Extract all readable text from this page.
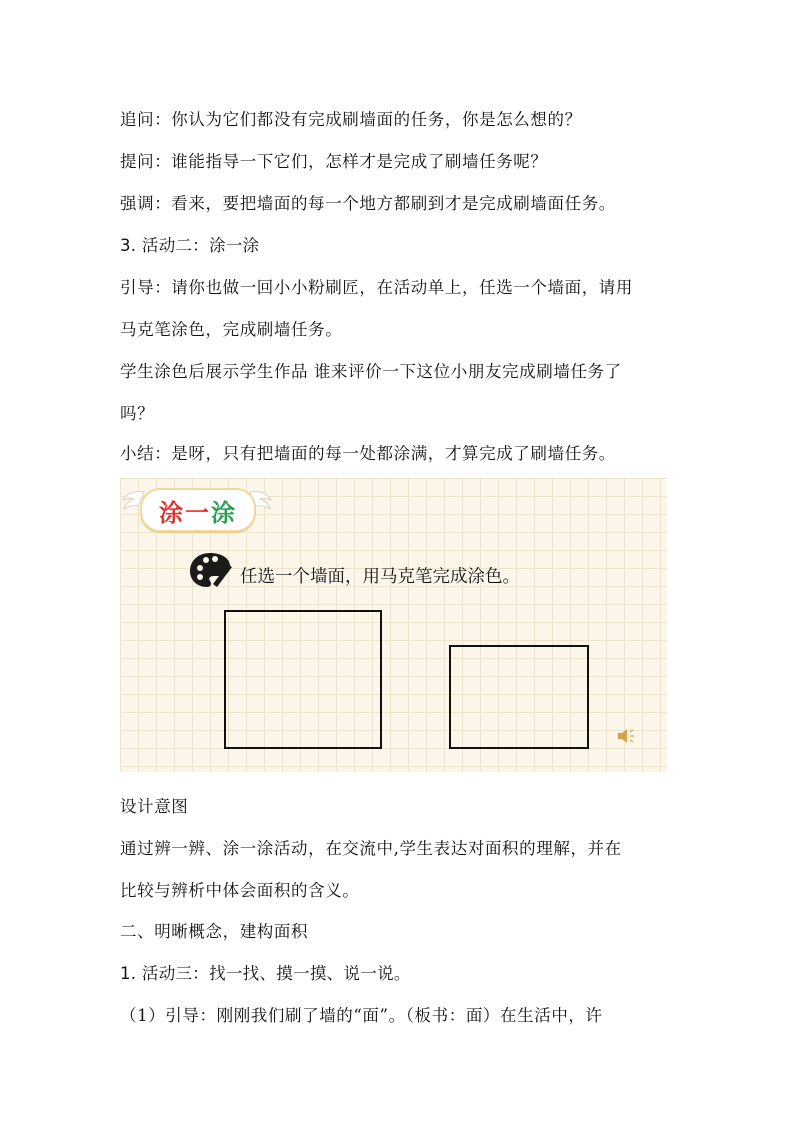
追问：你认为它们都没有完成刷墙面的任务，你是怎么想的？
提问：谁能指导一下它们，怎样才是完成了刷墙任务呢？
强调：看来，要把墙面的每一个地方都刷到才是完成刷墙面任务。
3. 活动二：涂一涂
引导：请你也做一回小小粉刷匠，在活动单上，任选一个墙面，请用
马克笔涂色，完成刷墙任务。
学生涂色后展示学生作品 谁来评价一下这位小朋友完成刷墙任务了
吗？
小结：是呀，只有把墙面的每一处都涂满，才算完成了刷墙任务。
涂一涂
任选一个墙面，用马克笔完成涂色。
设计意图
通过辨一辨、涂一涂活动，在交流中,学生表达对面积的理解，并在
比较与辨析中体会面积的含义。
二、明晰概念，建构面积
1. 活动三：找一找、摸一摸、说一说。
（1）引导：刚刚我们刷了墙的“面”。（板书：面）在生活中，许
